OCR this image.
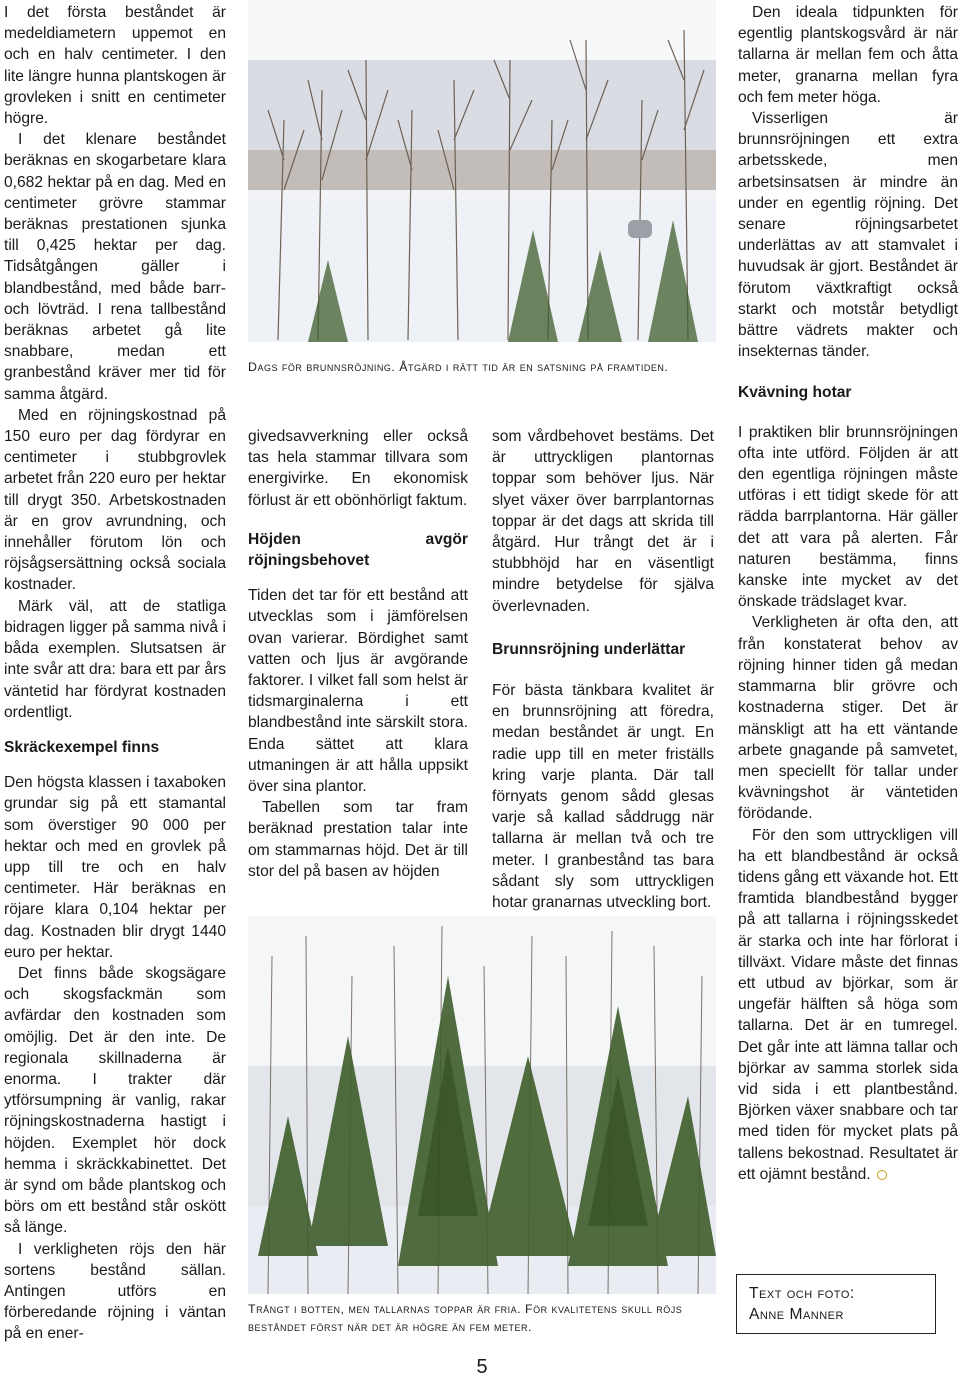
I det första beståndet är medeldiametern uppemot en och en halv centimeter. I den lite längre hunna plantskogen är grovleken i snitt en centimeter högre.

I det klenare beståndet beräknas en skogarbetare klara 0,682 hektar på en dag. Med en centimeter grövre stammar beräknas prestationen sjunka till 0,425 hektar per dag. Tidsåtgången gäller i blandbestånd, med både barr- och lövträd. I rena tallbestånd beräknas arbetet gå lite snabbare, medan ett granbestånd kräver mer tid för samma åtgärd.

Med en röjningskostnad på 150 euro per dag fördyrar en centimeter i stubbgrovlek arbetet från 220 euro per hektar till drygt 350. Arbetskostnaden är en grov avrundning, och innehåller förutom lön och röjsågsersättning också sociala kostnader.

Märk väl, att de statliga bidragen ligger på samma nivå i båda exemplen. Slutsatsen är inte svår att dra: bara ett par års väntetid har fördyrat kostnaden ordentligt.

Skräckexempel finns

Den högsta klassen i taxaboken grundar sig på ett stamantal som överstiger 90 000 per hektar och med en grovlek på upp till tre och en halv centimeter. Här beräknas en röjare klara 0,104 hektar per dag. Kostnaden blir drygt 1440 euro per hektar.

Det finns både skogsägare och skogsfackmän som avfärdar den kostnaden som omöjlig. Det är den inte. De regionala skillnaderna är enorma. I trakter där ytförsumpning är vanlig, rakar röjningskostnaderna hastigt i höjden. Exemplet hör dock hemma i skräckkabinettet. Det är synd om både plantskog och börs om ett bestånd står oskött så länge.

I verkligheten röjs den här sortens bestånd sällan. Antingen utförs en förberedande röjning i väntan på en ener-

Dags för brunnsröjning. Åtgärd i rätt tid är en satsning på framtiden.

givedsavverkning eller också tas hela stammar tillvara som energivirke. En ekonomisk förlust är ett obönhörligt faktum.

Höjden avgör röjningsbehovet

Tiden det tar för ett bestånd att utvecklas som i jämförelsen ovan varierar. Bördighet samt vatten och ljus är avgörande faktorer. I vilket fall som helst är tidsmarginalerna i ett blandbestånd inte särskilt stora. Enda sättet att klara utmaningen är att hålla uppsikt över sina plantor.

Tabellen som tar fram beräknad prestation talar inte om stammarnas höjd. Det är till stor del på basen av höjden

som vårdbehovet bestäms. Det är uttryckligen plantornas toppar som behöver ljus. När slyet växer över barrplantornas toppar är det dags att skrida till åtgärd. Hur trångt det är i stubbhöjd har en väsentligt mindre betydelse för själva överlevnaden.

Brunnsröjning underlättar

För bästa tänkbara kvalitet är en brunnsröjning att föredra, medan beståndet är ungt. En radie upp till en meter friställs kring varje planta. Där tall förnyats genom sådd glesas varje så kallad såddrugg när tallarna är mellan två och tre meter. I granbestånd tas bara sådant sly som uttryckligen hotar granarnas utveckling bort.

Den ideala tidpunkten för egentlig plantskogsvård är när tallarna är mellan fem och åtta meter, granarna mellan fyra och fem meter höga.

Visserligen är brunnsröjningen ett extra arbetsskede, men arbetsinsatsen är mindre än under en egentlig röjning. Det senare röjningsarbetet underlättas av att stamvalet i huvudsak är gjort. Beståndet är förutom växtkraftigt också starkt och motstår betydligt bättre vädrets makter och insekternas tänder.

Kvävning hotar

I praktiken blir brunnsröjningen ofta inte utförd. Följden är att den egentliga röjningen måste utföras i ett tidigt skede för att rädda barrplantorna. Här gäller det att vara på alerten. Får naturen bestämma, finns kanske inte mycket av det önskade trädslaget kvar.

Verkligheten är ofta den, att från konstaterat behov av röjning hinner tiden gå medan stammarna blir grövre och kostnaderna stiger. Det är mänskligt att ha ett väntande arbete gnagande på samvetet, men speciellt för tallar under kvävningshot är väntetiden förödande.

För den som uttryckligen vill ha ett blandbestånd är också tidens gång ett växande hot. Ett framtida blandbestånd bygger på att tallarna i röjningsskedet är starka och inte har förlorat i tillväxt. Vidare måste det finnas ett utbud av björkar, som är ungefär hälften så höga som tallarna. Det är en tumregel. Det går inte att lämna tallar och björkar av samma storlek sida vid sida i ett plantbestånd. Björken växer snabbare och tar med tiden för mycket plats på tallens bekostnad. Resultatet är ett ojämnt bestånd.

Trångt i botten, men tallarnas toppar är fria. För kvalitetens skull röjs beståndet först när det är högre än fem meter.
Text och foto:
Anne Manner
5
